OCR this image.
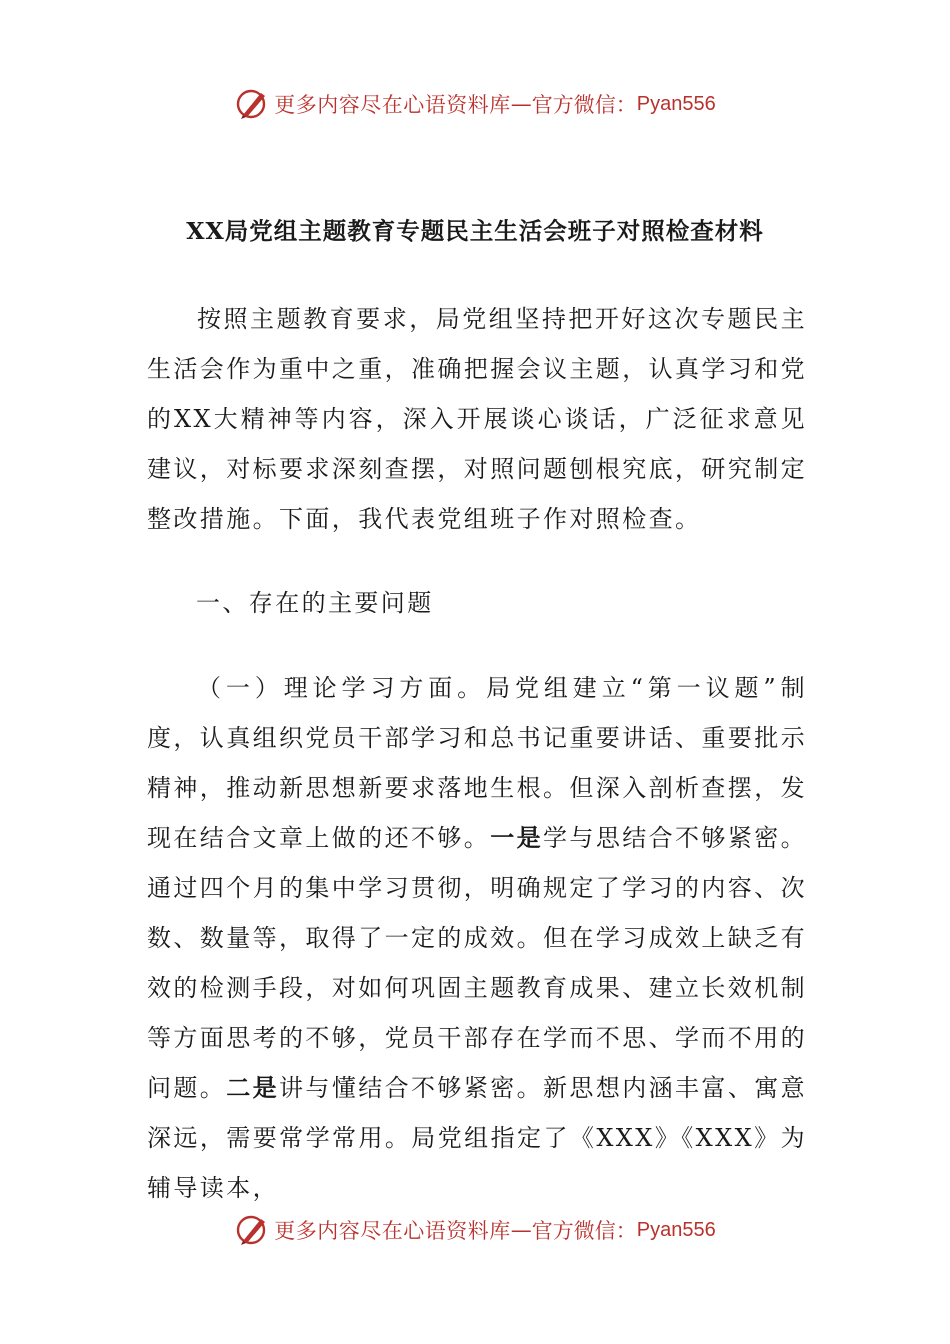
更多内容尽在心语资料库 — 官方微信： Pyan556
XX局党组主题教育专题民主生活会班子对照检查材料

按照主题教育要求，局党组坚持把开好这次专题民主生活会作为重中之重，准确把握会议主题，认真学习和党的XX大精神等内容，深入开展谈心谈话，广泛征求意见建议，对标要求深刻查摆，对照问题刨根究底，研究制定整改措施。下面，我代表党组班子作对照检查。

一、存在的主要问题

（一）理论学习方面。局党组建立“第一议题”制度，认真组织党员干部学习和总书记重要讲话、重要批示精神，推动新思想新要求落地生根。但深入剖析查摆，发现在结合文章上做的还不够。一是学与思结合不够紧密。通过四个月的集中学习贯彻，明确规定了学习的内容、次数、数量等，取得了一定的成效。但在学习成效上缺乏有效的检测手段，对如何巩固主题教育成果、建立长效机制等方面思考的不够，党员干部存在学而不思、学而不用的问题。二是讲与懂结合不够紧密。新思想内涵丰富、寓意深远，需要常学常用。局党组指定了《XXX》《XXX》为辅导读本，

更多内容尽在心语资料库 — 官方微信： Pyan556
